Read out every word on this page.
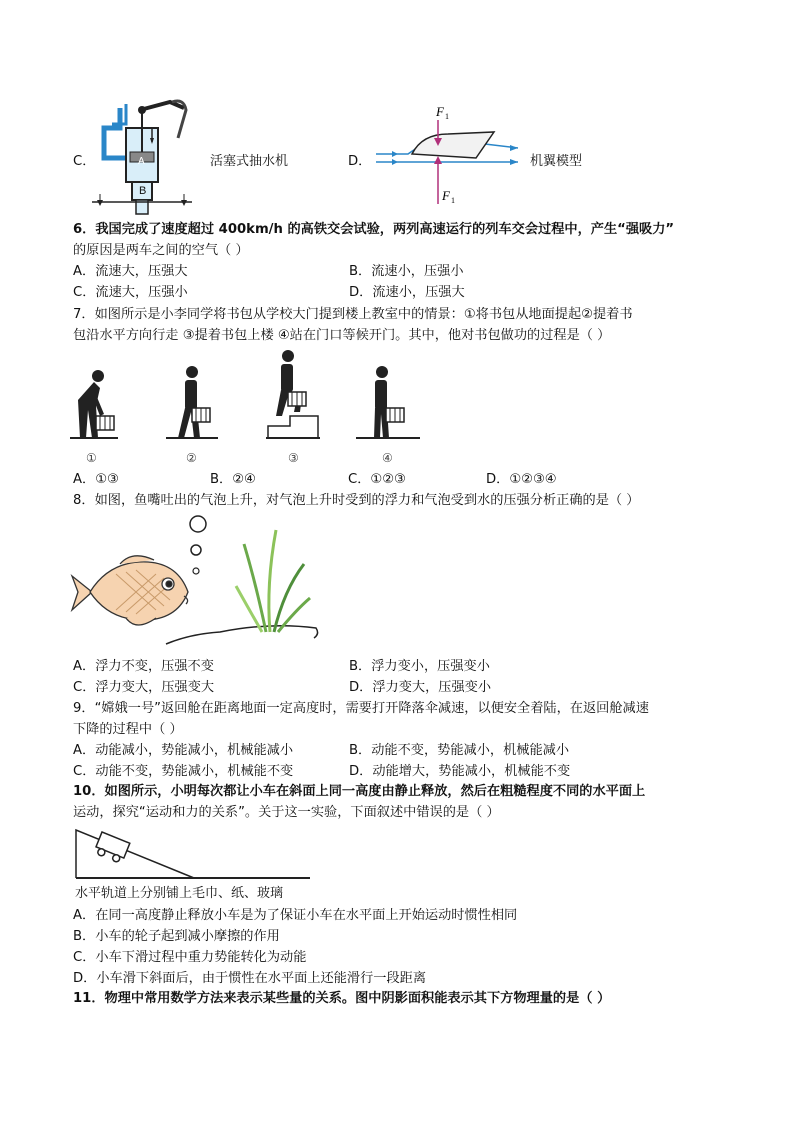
C．	A
B
活塞式抽水机	D．
F 1
F 1
机翼模型
6．我国完成了速度超过 400km/h 的高铁交会试验，两列高速运行的列车交会过程中，产生“强吸力”
的原因是两车之间的空气（ ）
A．流速大，压强大	B．流速小，压强小
C．流速大，压强小	D．流速小，压强大
7．如图所示是小李同学将书包从学校大门提到楼上教室中的情景：①将书包从地面提起②提着书
包沿水平方向行走 ③提着书包上楼 ④站在门口等候开门。其中，他对书包做功的过程是（ ）
①	②	③	④
A．①③	B．②④	C．①②③	D．①②③④
8．如图，鱼嘴吐出的气泡上升，对气泡上升时受到的浮力和气泡受到水的压强分析正确的是（ ）
A．浮力不变，压强不变	B．浮力变小，压强变小
C．浮力变大，压强变大	D．浮力变大，压强变小
9．“嫦娥一号”返回舱在距离地面一定高度时，需要打开降落伞减速，以便安全着陆，在返回舱减速
下降的过程中（ ）
A．动能减小，势能减小，机械能减小	B．动能不变，势能减小，机械能减小
C．动能不变，势能减小，机械能不变	D．动能增大，势能减小，机械能不变
10．如图所示，小明每次都让小车在斜面上同一高度由静止释放，然后在粗糙程度不同的水平面上
运动，探究“运动和力的关系”。关于这一实验，下面叙述中错误的是（ ）
水平轨道上分别铺上毛巾、纸、玻璃
A．在同一高度静止释放小车是为了保证小车在水平面上开始运动时惯性相同
B．小车的轮子起到减小摩擦的作用
C．小车下滑过程中重力势能转化为动能
D．小车滑下斜面后，由于惯性在水平面上还能滑行一段距离
11．物理中常用数学方法来表示某些量的关系。图中阴影面积能表示其下方物理量的是（ ）
